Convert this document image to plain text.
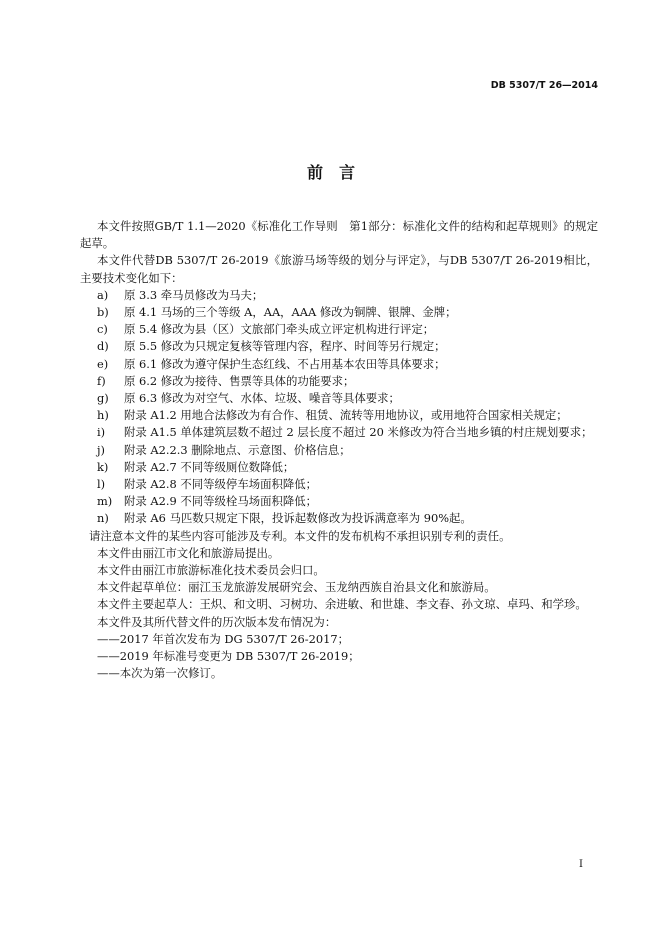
DB 5307/T 26—2014
前　言

本文件按照GB/T 1.1—2020《标准化工作导则　第1部分：标准化文件的结构和起草规则》的规定起草。

本文件代替DB 5307/T 26-2019《旅游马场等级的划分与评定》，与DB 5307/T 26-2019相比，主要技术变化如下：

a)	原 3.3 牵马员修改为马夫；
b)	原 4.1 马场的三个等级 A，AA，AAA 修改为铜牌、银牌、金牌；
c)	原 5.4 修改为县（区）文旅部门牵头成立评定机构进行评定；
d)	原 5.5 修改为只规定复核等管理内容，程序、时间等另行规定；
e)	原 6.1 修改为遵守保护生态红线、不占用基本农田等具体要求；
f)	原 6.2 修改为接待、售票等具体的功能要求；
g)	原 6.3 修改为对空气、水体、垃圾、噪音等具体要求；
h)	附录 A1.2 用地合法修改为有合作、租赁、流转等用地协议，或用地符合国家相关规定；
i)	附录 A1.5 单体建筑层数不超过 2 层长度不超过 20 米修改为符合当地乡镇的村庄规划要求；
j)	附录 A2.2.3 删除地点、示意图、价格信息；
k)	附录 A2.7 不同等级厕位数降低；
l)	附录 A2.8 不同等级停车场面积降低；
m)	附录 A2.9 不同等级栓马场面积降低；
n)	附录 A6 马匹数只规定下限，投诉起数修改为投诉满意率为 90%起。

请注意本文件的某些内容可能涉及专利。本文件的发布机构不承担识别专利的责任。

本文件由丽江市文化和旅游局提出。

本文件由丽江市旅游标准化技术委员会归口。

本文件起草单位：丽江玉龙旅游发展研究会、玉龙纳西族自治县文化和旅游局。

本文件主要起草人：王炽、和文明、习树功、余进敏、和世雄、李文春、孙文琼、卓玛、和学珍。

本文件及其所代替文件的历次版本发布情况为：

——2017 年首次发布为 DG 5307/T 26-2017；
——2019 年标准号变更为 DB 5307/T 26-2019；
——本次为第一次修订。
I
